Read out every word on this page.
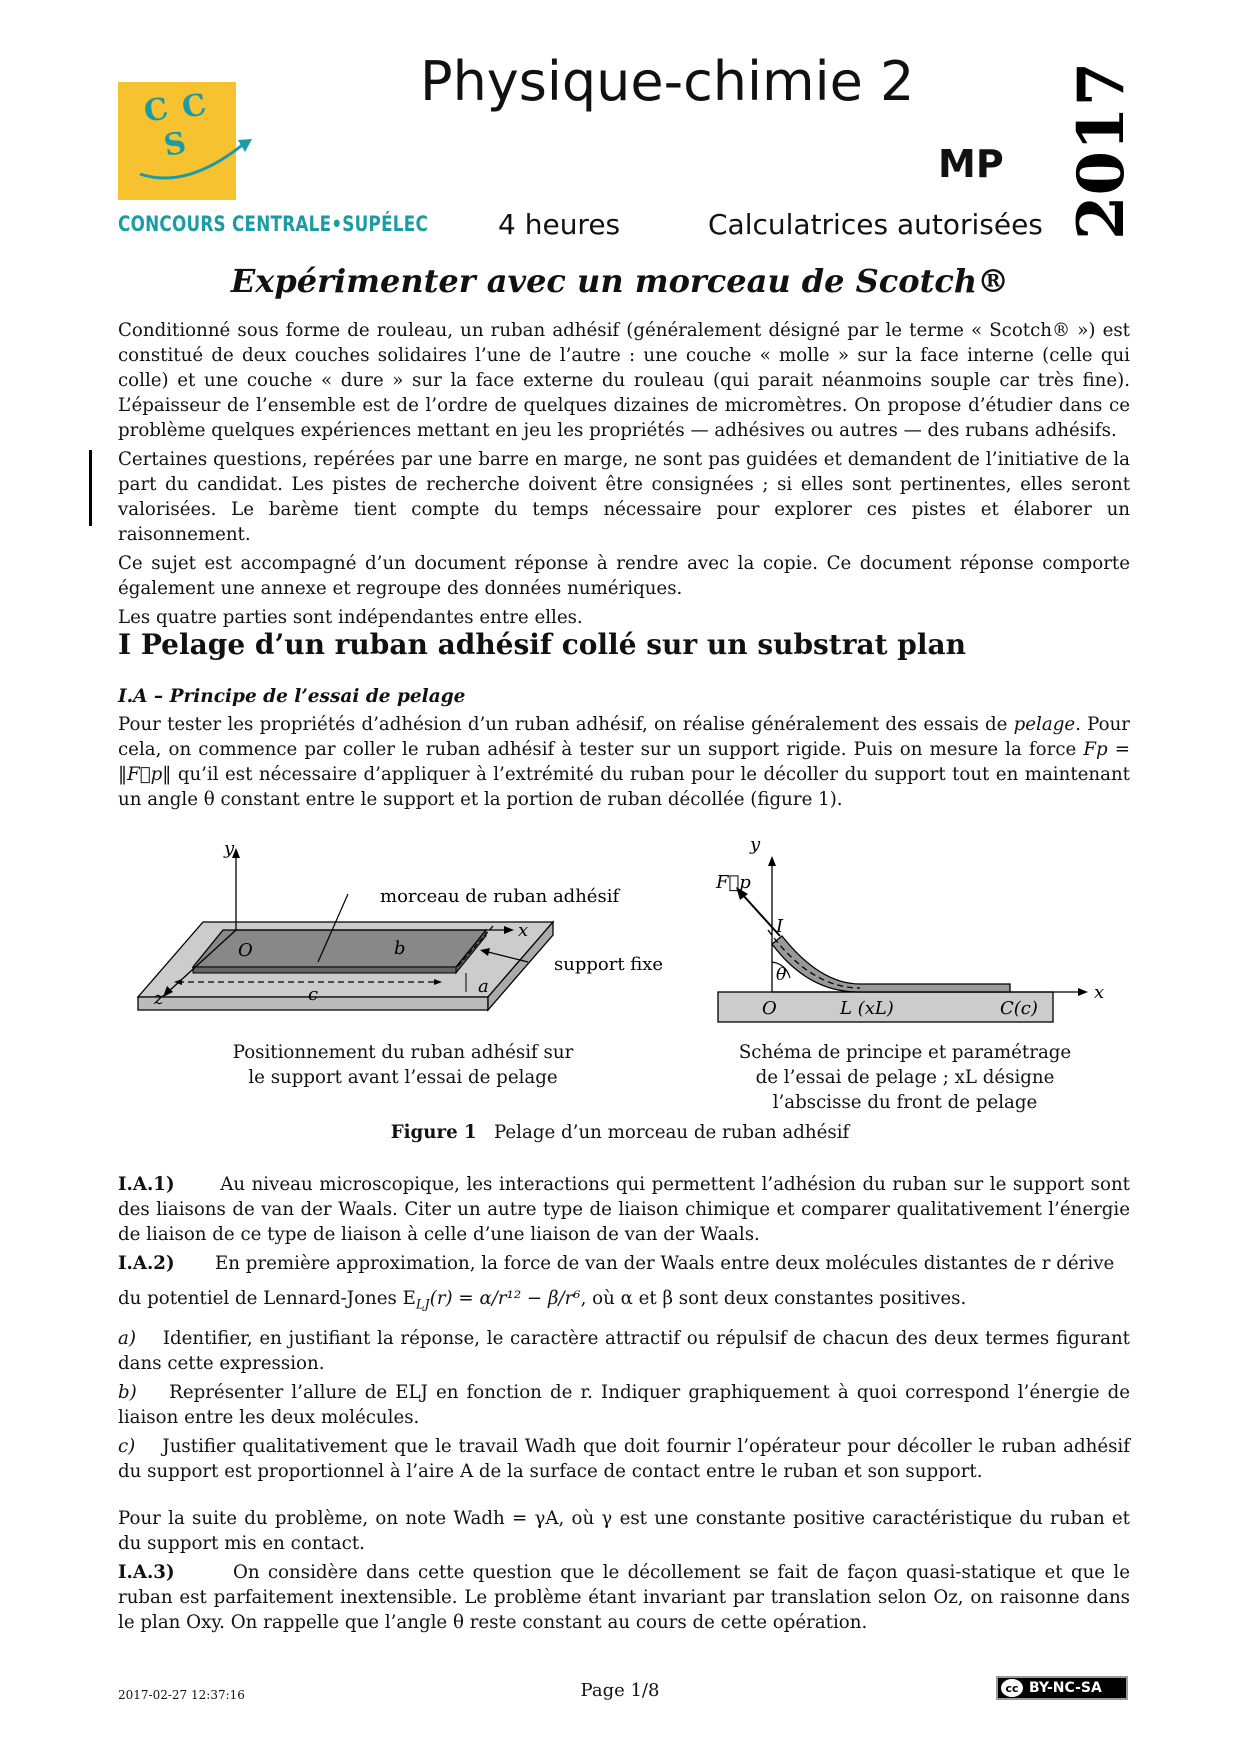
C C
S
CONCOURS CENTRALE•SUPÉLEC
Physique-chimie 2
MP 2017
4 heures	Calculatrices autorisées
Expérimenter avec un morceau de Scotch®

Conditionné sous forme de rouleau, un ruban adhésif (généralement désigné par le terme « Scotch® ») est constitué de deux couches solidaires l’une de l’autre : une couche « molle » sur la face interne (celle qui colle) et une couche « dure » sur la face externe du rouleau (qui parait néanmoins souple car très fine). L’épaisseur de l’ensemble est de l’ordre de quelques dizaines de micromètres. On propose d’étudier dans ce problème quelques expériences mettant en jeu les propriétés — adhésives ou autres — des rubans adhésifs.

Certaines questions, repérées par une barre en marge, ne sont pas guidées et demandent de l’initiative de la part du candidat. Les pistes de recherche doivent être consignées ; si elles sont pertinentes, elles seront valorisées. Le barème tient compte du temps nécessaire pour explorer ces pistes et élaborer un raisonnement.

Ce sujet est accompagné d’un document réponse à rendre avec la copie. Ce document réponse comporte également une annexe et regroupe des données numériques.

Les quatre parties sont indépendantes entre elles.

I Pelage d’un ruban adhésif collé sur un substrat plan
I.A – Principe de l’essai de pelage
Pour tester les propriétés d’adhésion d’un ruban adhésif, on réalise généralement des essais de pelage. Pour cela, on commence par coller le ruban adhésif à tester sur un support rigide. Puis on mesure la force Fp = ‖F⃗p‖ qu’il est nécessaire d’appliquer à l’extrémité du ruban pour le décoller du support tout en maintenant un angle θ constant entre le support et la portion de ruban décollée (figure 1).
y
x
z
O
a
b
c
morceau de ruban adhésif
support fixe
Positionnement du ruban adhésif sur
le support avant l’essai de pelage
y
x
F⃗p
I
θ
O	L (xL)	C(c)
Schéma de principe et paramétrage
de l’essai de pelage ; xL désigne
l’abscisse du front de pelage
Figure 1 Pelage d’un morceau de ruban adhésif

I.A.1)	Au niveau microscopique, les interactions qui permettent l’adhésion du ruban sur le support sont des liaisons de van der Waals. Citer un autre type de liaison chimique et comparer qualitativement l’énergie de liaison de ce type de liaison à celle d’une liaison de van der Waals.

I.A.2) En première approximation, la force de van der Waals entre deux molécules distantes de r dérive

du potentiel de Lennard-Jones $E_{LJ}(r) = \alpha/r^{12} - \beta/r^6$, où α et β sont deux constantes positives.

a) Identifier, en justifiant la réponse, le caractère attractif ou répulsif de chacun des deux termes figurant dans cette expression.

b) Représenter l’allure de ELJ en fonction de r. Indiquer graphiquement à quoi correspond l’énergie de liaison entre les deux molécules.

c) Justifier qualitativement que le travail Wadh que doit fournir l’opérateur pour décoller le ruban adhésif du support est proportionnel à l’aire A de la surface de contact entre le ruban et son support.

Pour la suite du problème, on note Wadh = γA, où γ est une constante positive caractéristique du ruban et du support mis en contact.

I.A.3)	On considère dans cette question que le décollement se fait de façon quasi-statique et que le ruban est parfaitement inextensible. Le problème étant invariant par translation selon Oz, on raisonne dans le plan Oxy. On rappelle que l’angle θ reste constant au cours de cette opération.

2017-02-27 12:37:16	Page 1/8	cc BY-NC-SA
